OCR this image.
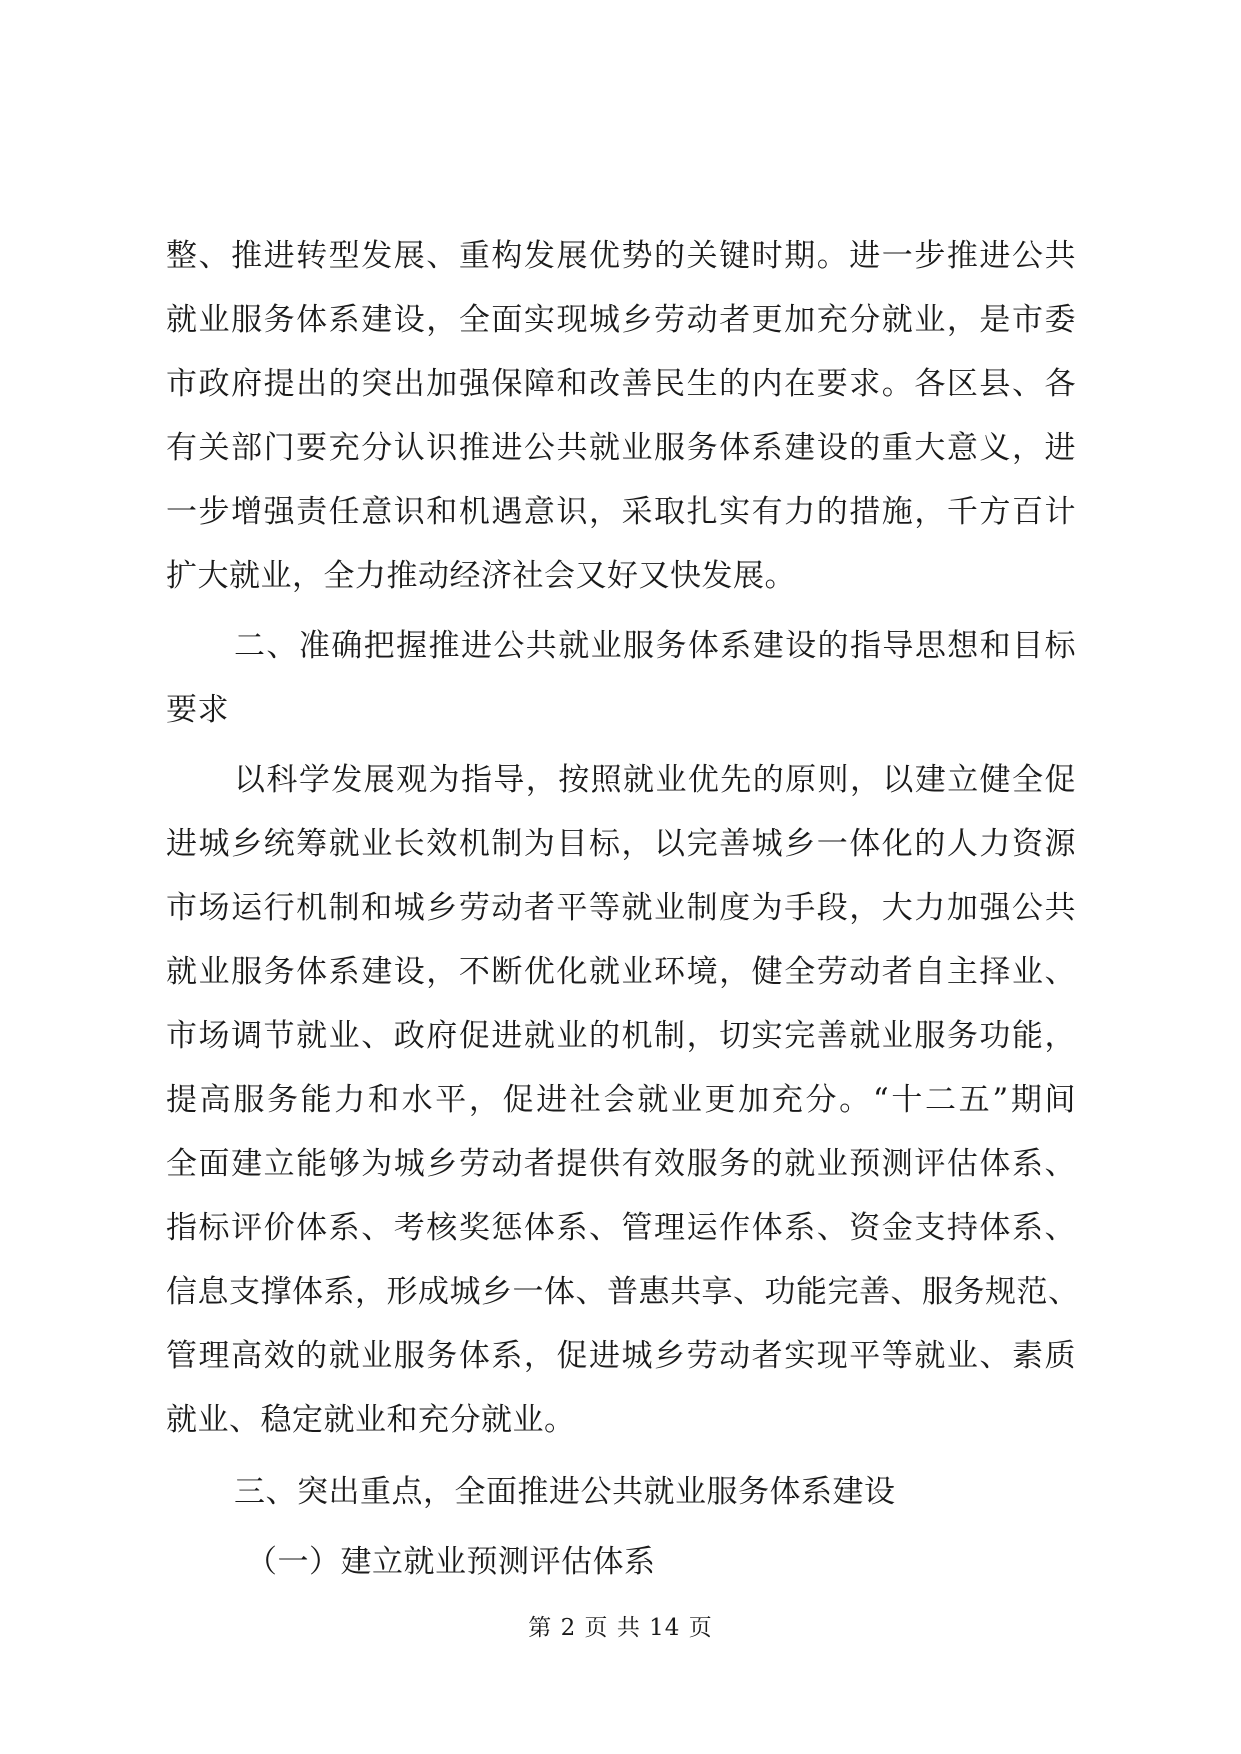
整、推进转型发展、重构发展优势的关键时期。进一步推进公共
就业服务体系建设，全面实现城乡劳动者更加充分就业，是市委
市政府提出的突出加强保障和改善民生的内在要求。各区县、各
有关部门要充分认识推进公共就业服务体系建设的重大意义，进
一步增强责任意识和机遇意识，采取扎实有力的措施，千方百计
扩大就业，全力推动经济社会又好又快发展。
二、准确把握推进公共就业服务体系建设的指导思想和目标
要求
以科学发展观为指导，按照就业优先的原则，以建立健全促
进城乡统筹就业长效机制为目标，以完善城乡一体化的人力资源
市场运行机制和城乡劳动者平等就业制度为手段，大力加强公共
就业服务体系建设，不断优化就业环境，健全劳动者自主择业、
市场调节就业、政府促进就业的机制，切实完善就业服务功能，
提高服务能力和水平，促进社会就业更加充分。“十二五”期间
全面建立能够为城乡劳动者提供有效服务的就业预测评估体系、
指标评价体系、考核奖惩体系、管理运作体系、资金支持体系、
信息支撑体系，形成城乡一体、普惠共享、功能完善、服务规范、
管理高效的就业服务体系，促进城乡劳动者实现平等就业、素质
就业、稳定就业和充分就业。
三、突出重点，全面推进公共就业服务体系建设
（一）建立就业预测评估体系
第 2 页 共 14 页
